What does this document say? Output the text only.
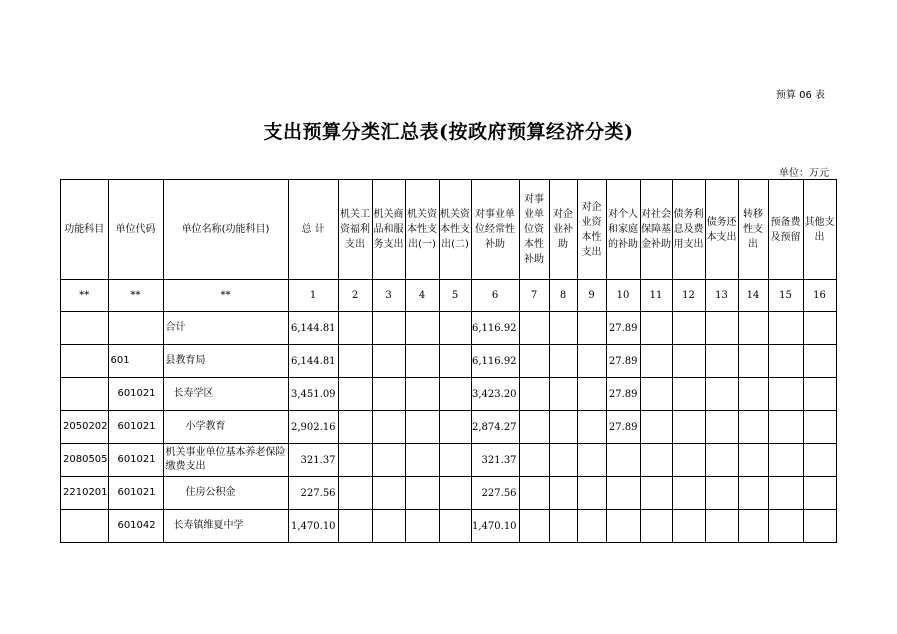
预算 06 表
支出预算分类汇总表(按政府预算经济分类)
单位：万元
功能科目	单位代码	单位名称(功能科目)	总 计	机关工资福利支出	机关商品和服务支出	机关资本性支出(一)	机关资本性支出(二)	对事业单位经常性补助	对事业单位资本性补助	对企业补助	对企业资本性支出	对个人和家庭的补助	对社会保障基金补助	债务利息及费用支出	债务还本支出	转移性支出	预备费及预留	其他支出
**	**	**	1	2	3	4	5	6	7	8	9	10	11	12	13	14	15	16
		合计	6,144.81					6,116.92				27.89						
	601	县教育局	6,144.81					6,116.92				27.89						
	601021	长寿学区	3,451.09					3,423.20				27.89						
2050202	601021	小学教育	2,902.16					2,874.27				27.89						
2080505	601021	机关事业单位基本养老保险缴费支出	321.37					321.37										
2210201	601021	住房公积金	227.56					227.56										
	601042	长寿镇维夏中学	1,470.10					1,470.10										
